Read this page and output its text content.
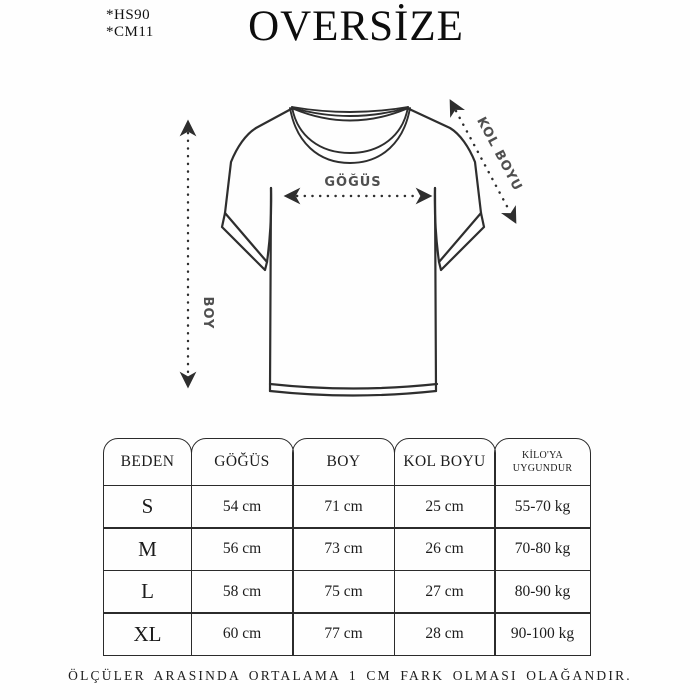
*HS90
*CM11	OVERSİZE
GÖĞÜS
BOY
KOL BOYU
BEDEN	GÖĞÜS	BOY	KOL BOYU	KİLO'YA UYGUNDUR
S	54 cm	71 cm	25 cm	55-70 kg
M	56 cm	73 cm	26 cm	70-80 kg
L	58 cm	75 cm	27 cm	80-90 kg
XL	60 cm	77 cm	28 cm	90-100 kg
ÖLÇÜLER ARASINDA ORTALAMA 1 CM FARK OLMASI OLAĞANDIR.
